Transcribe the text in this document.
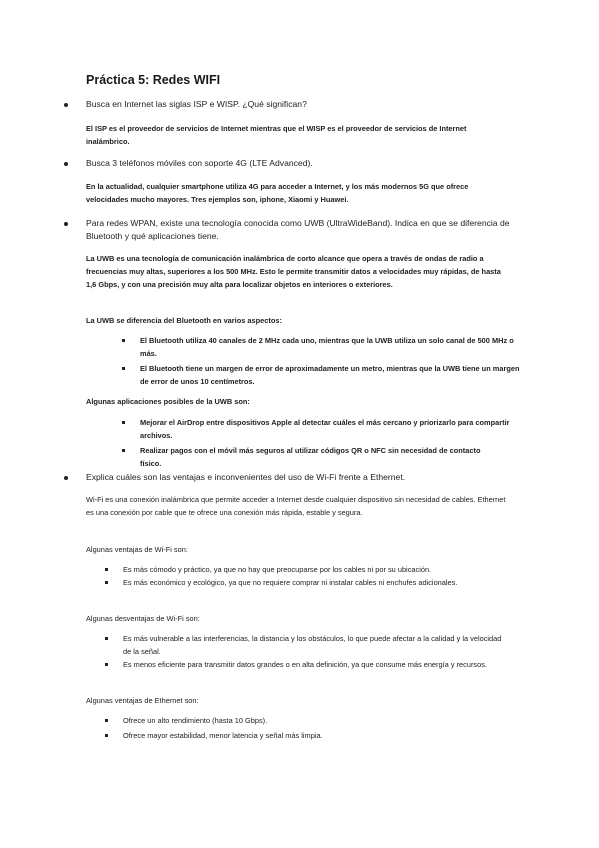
Práctica 5: Redes WIFI
Busca en Internet las siglas ISP e WISP. ¿Qué significan?
El ISP es el proveedor de servicios de Internet mientras que el WISP es el proveedor de servicios de Internet inalámbrico.
Busca 3 teléfonos móviles con soporte 4G (LTE Advanced).
En la actualidad, cualquier smartphone utiliza 4G para acceder a Internet, y los más modernos 5G que ofrece velocidades mucho mayores. Tres ejemplos son, iphone, Xiaomi y Huawei.
Para redes WPAN, existe una tecnología conocida como UWB (UltraWideBand). Indica en que se diferencia de Bluetooth y qué aplicaciones tiene.
La UWB es una tecnología de comunicación inalámbrica de corto alcance que opera a través de ondas de radio a frecuencias muy altas, superiores a los 500 MHz. Esto le permite transmitir datos a velocidades muy rápidas, de hasta 1,6 Gbps, y con una precisión muy alta para localizar objetos en interiores o exteriores.
La UWB se diferencia del Bluetooth en varios aspectos:
El Bluetooth utiliza 40 canales de 2 MHz cada uno, mientras que la UWB utiliza un solo canal de 500 MHz o más.
El Bluetooth tiene un margen de error de aproximadamente un metro, mientras que la UWB tiene un margen de error de unos 10 centímetros.
Algunas aplicaciones posibles de la UWB son:
Mejorar el AirDrop entre dispositivos Apple al detectar cuáles el más cercano y priorizarlo para compartir archivos.
Realizar pagos con el móvil más seguros al utilizar códigos QR o NFC sin necesidad de contacto físico.
Explica cuáles son las ventajas e inconvenientes del uso de Wi-Fi frente a Ethernet.
Wi-Fi es una conexión inalámbrica que permite acceder a Internet desde cualquier dispositivo sin necesidad de cables. Ethernet es una conexión por cable que te ofrece una conexión más rápida, estable y segura.
Algunas ventajas de Wi-Fi son:
Es más cómodo y práctico, ya que no hay que preocuparse por los cables ni por su ubicación.
Es más económico y ecológico, ya que no requiere comprar ni instalar cables ni enchufes adicionales.
Algunas desventajas de Wi-Fi son:
Es más vulnerable a las interferencias, la distancia y los obstáculos, lo que puede afectar a la calidad y la velocidad de la señal.
Es menos eficiente para transmitir datos grandes o en alta definición, ya que consume más energía y recursos.
Algunas ventajas de Ethernet son:
Ofrece un alto rendimiento (hasta 10 Gbps).
Ofrece mayor estabilidad, menor latencia y señal más limpia.
